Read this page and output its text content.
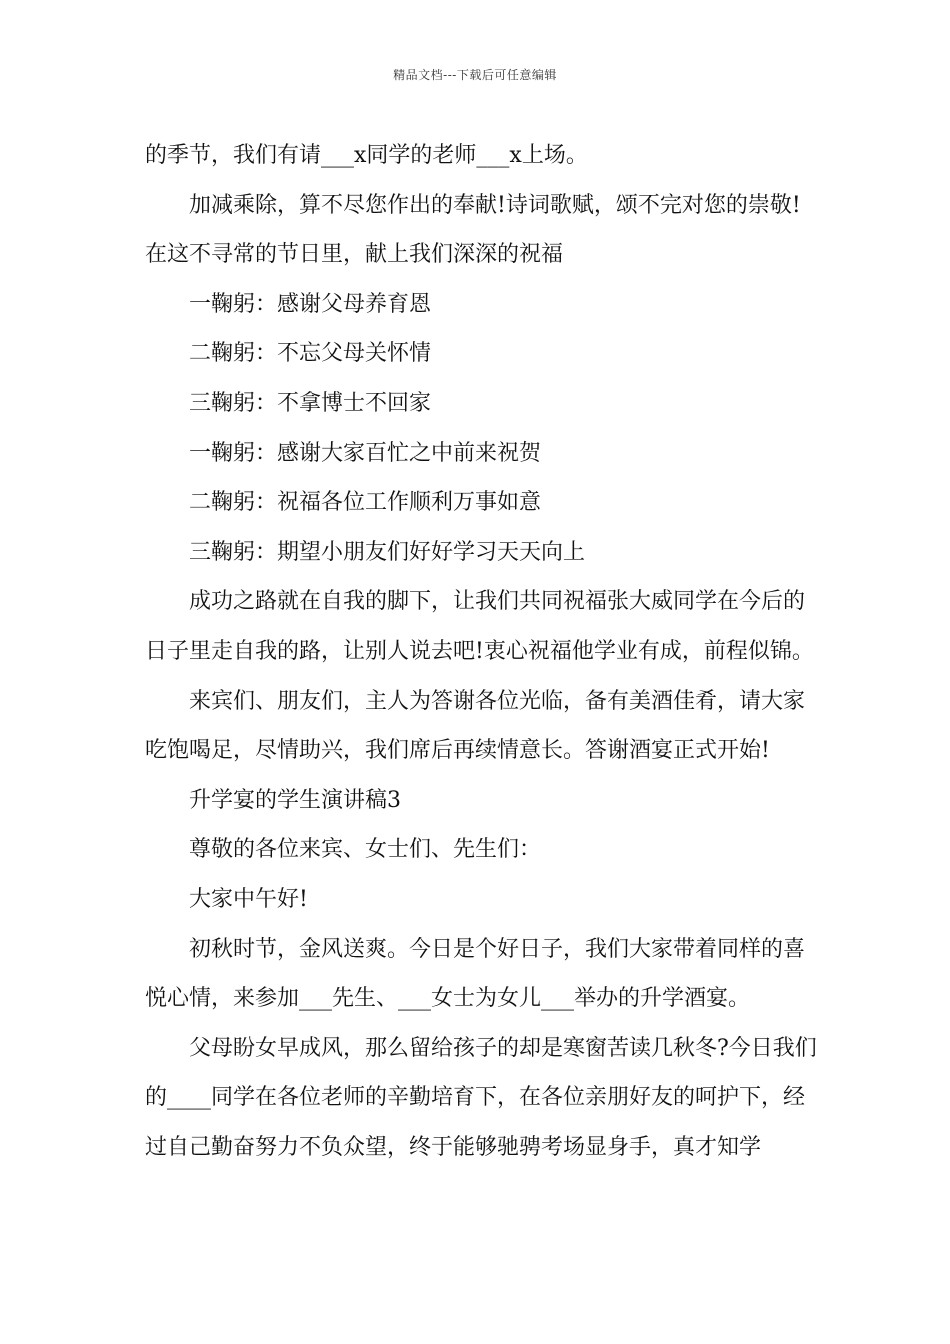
精品文档---下载后可任意编辑

的季节，我们有请___x同学的老师___x上场。

加减乘除，算不尽您作出的奉献!诗词歌赋，颂不完对您的崇敬!在这不寻常的节日里，献上我们深深的祝福

一鞠躬：感谢父母养育恩

二鞠躬：不忘父母关怀情

三鞠躬：不拿博士不回家

一鞠躬：感谢大家百忙之中前来祝贺

二鞠躬：祝福各位工作顺利万事如意

三鞠躬：期望小朋友们好好学习天天向上

成功之路就在自我的脚下，让我们共同祝福张大威同学在今后的日子里走自我的路，让别人说去吧!衷心祝福他学业有成，前程似锦。

来宾们、朋友们，主人为答谢各位光临，备有美酒佳肴，请大家吃饱喝足，尽情助兴，我们席后再续情意长。答谢酒宴正式开始!

升学宴的学生演讲稿3

尊敬的各位来宾、女士们、先生们：

大家中午好!

初秋时节，金风送爽。今日是个好日子，我们大家带着同样的喜悦心情，来参加___先生、___女士为女儿___举办的升学酒宴。

父母盼女早成风，那么留给孩子的却是寒窗苦读几秋冬?今日我们的____同学在各位老师的辛勤培育下，在各位亲朋好友的呵护下，经过自己勤奋努力不负众望，终于能够驰骋考场显身手，真才知学
